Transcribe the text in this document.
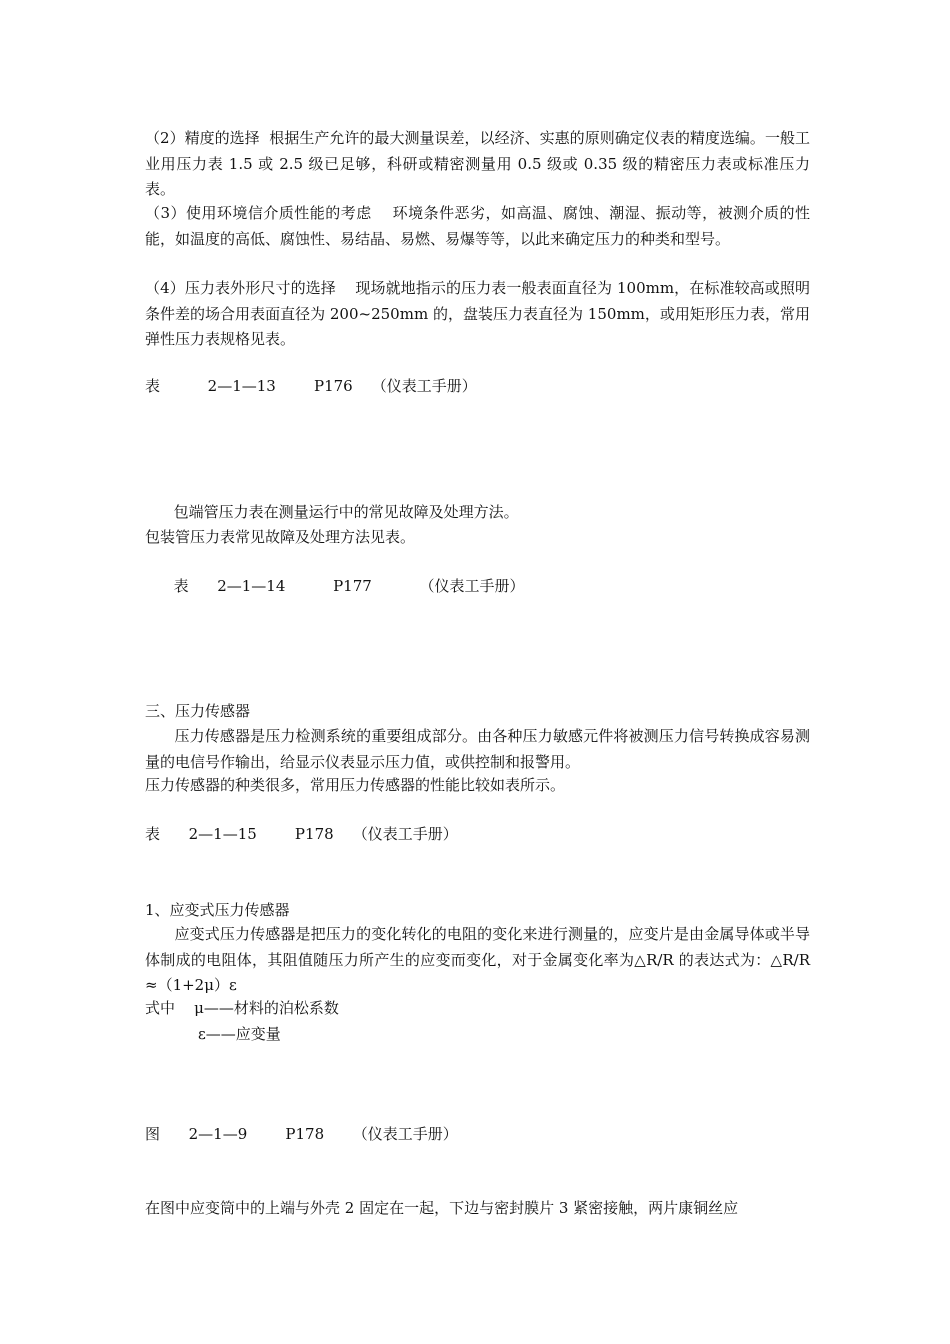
（2）精度的选择  根据生产允许的最大测量误差，以经济、实惠的原则确定仪表的精度选编。一般工业用压力表 1.5 或 2.5 级已足够，科研或精密测量用 0.5 级或 0.35 级的精密压力表或标准压力表。
（3）使用环境信介质性能的考虑    环境条件恶劣，如高温、腐蚀、潮湿、振动等，被测介质的性能，如温度的高低、腐蚀性、易结晶、易燃、易爆等等，以此来确定压力的种类和型号。
（4）压力表外形尺寸的选择    现场就地指示的压力表一般表面直径为 100mm，在标准较高或照明条件差的场合用表面直径为 200~250mm 的，盘装压力表直径为 150mm，或用矩形压力表，常用弹性压力表规格见表。
表          2—1—13        P176    （仪表工手册）
包端管压力表在测量运行中的常见故障及处理方法。
包装管压力表常见故障及处理方法见表。
表      2—1—14          P177          （仪表工手册）
三、压力传感器
压力传感器是压力检测系统的重要组成部分。由各种压力敏感元件将被测压力信号转换成容易测量的电信号作输出，给显示仪表显示压力值，或供控制和报警用。
压力传感器的种类很多，常用压力传感器的性能比较如表所示。
表      2—1—15        P178    （仪表工手册）
1、应变式压力传感器
应变式压力传感器是把压力的变化转化的电阻的变化来进行测量的，应变片是由金属导体或半导体制成的电阻体，其阻值随压力所产生的应变而变化，对于金属变化率为△R/R 的表达式为：△R/R≈（1+2μ）ε
式中    μ——材料的泊松系数
ε——应变量
图      2—1—9        P178      （仪表工手册）
在图中应变筒中的上端与外壳 2 固定在一起，下边与密封膜片 3 紧密接触，两片康铜丝应
